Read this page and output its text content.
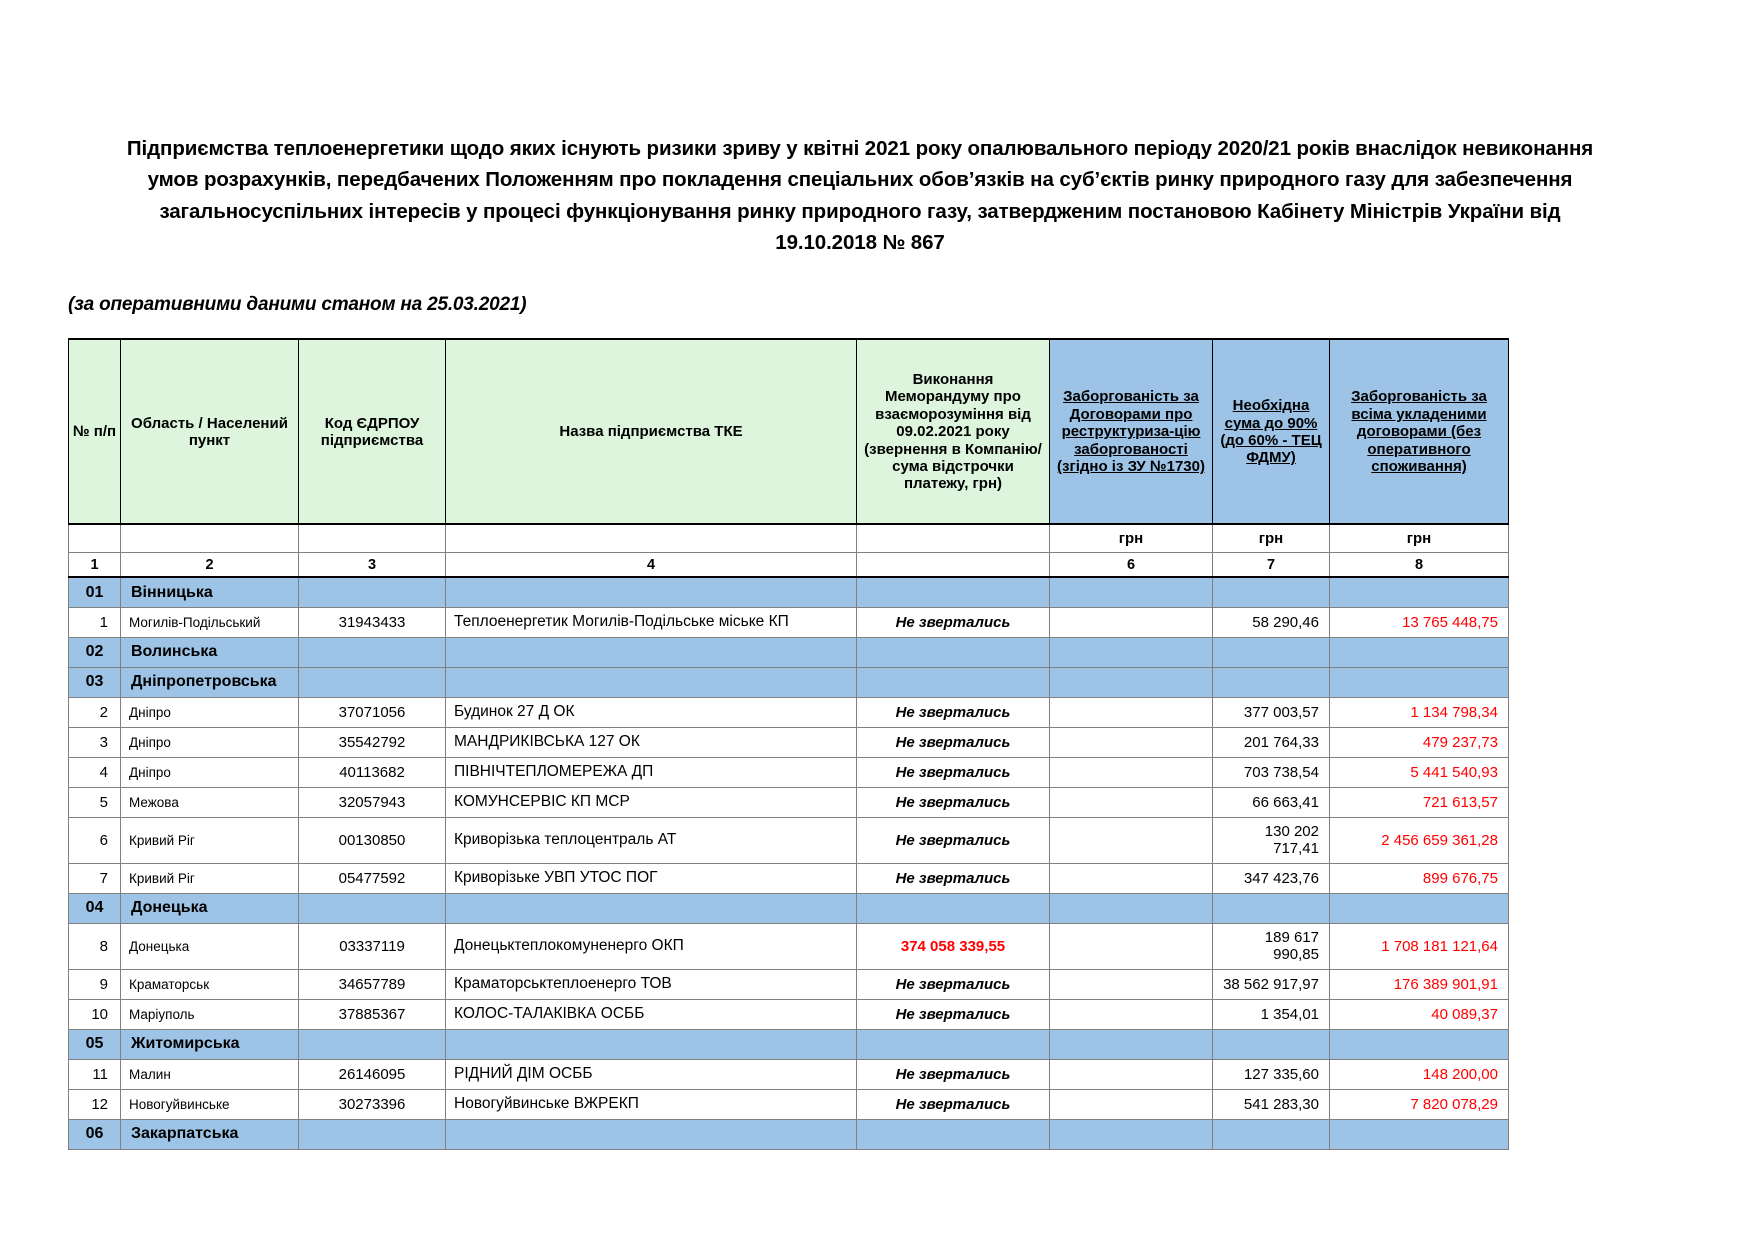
Підприємства теплоенергетики щодо яких існують ризики зриву у квітні 2021 року опалювального періоду 2020/21 років внаслідок невиконання умов розрахунків, передбачених Положенням про покладення спеціальних обов’язків на суб’єктів ринку природного газу для забезпечення загальносуспільних інтересів у процесі функціонування ринку природного газу, затвердженим постановою Кабінету Міністрів України від 19.10.2018 № 867
(за оперативними даними станом на 25.03.2021)
№ п/п	Область / Населений пункт	Код ЄДРПОУ підприємства	Назва підприємства ТКЕ	Виконання Меморандуму про взаєморозуміння від 09.02.2021 року (звернення в Компанію/сума відстрочки платежу, грн)	Заборгованість за Договорами про реструктуриза-цію заборгованості (згідно із ЗУ №1730)	Необхідна сума до 90% (до 60% - ТЕЦ ФДМУ)	Заборгованість за всіма укладеними договорами (без оперативного споживання)
					грн	грн	грн
1	2	3	4		6	7	8
01	Вінницька						
1	Могилів-Подільський	31943433	Теплоенергетик Могилів-Подільське міське КП	Не звертались		58 290,46	13 765 448,75
02	Волинська						
03	Дніпропетровська						
2	Дніпро	37071056	Будинок 27 Д ОК	Не звертались		377 003,57	1 134 798,34
3	Дніпро	35542792	МАНДРИКІВСЬКА 127 ОК	Не звертались		201 764,33	479 237,73
4	Дніпро	40113682	ПІВНІЧТЕПЛОМЕРЕЖА ДП	Не звертались		703 738,54	5 441 540,93
5	Межова	32057943	КОМУНСЕРВІС КП МСР	Не звертались		66 663,41	721 613,57
6	Кривий Ріг	00130850	Криворізька теплоцентраль АТ	Не звертались		130 202 717,41	2 456 659 361,28
7	Кривий Ріг	05477592	Криворізьке УВП УТОС ПОГ	Не звертались		347 423,76	899 676,75
04	Донецька						
8	Донецька	03337119	Донецьктеплокомуненерго ОКП	374 058 339,55		189 617 990,85	1 708 181 121,64
9	Краматорськ	34657789	Краматорськтеплоенерго ТОВ	Не звертались		38 562 917,97	176 389 901,91
10	Маріуполь	37885367	КОЛОС-ТАЛАКІВКА ОСББ	Не звертались		1 354,01	40 089,37
05	Житомирська						
11	Малин	26146095	РІДНИЙ ДІМ ОСББ	Не звертались		127 335,60	148 200,00
12	Новогуйвинське	30273396	Новогуйвинське ВЖРЕКП	Не звертались		541 283,30	7 820 078,29
06	Закарпатська						
